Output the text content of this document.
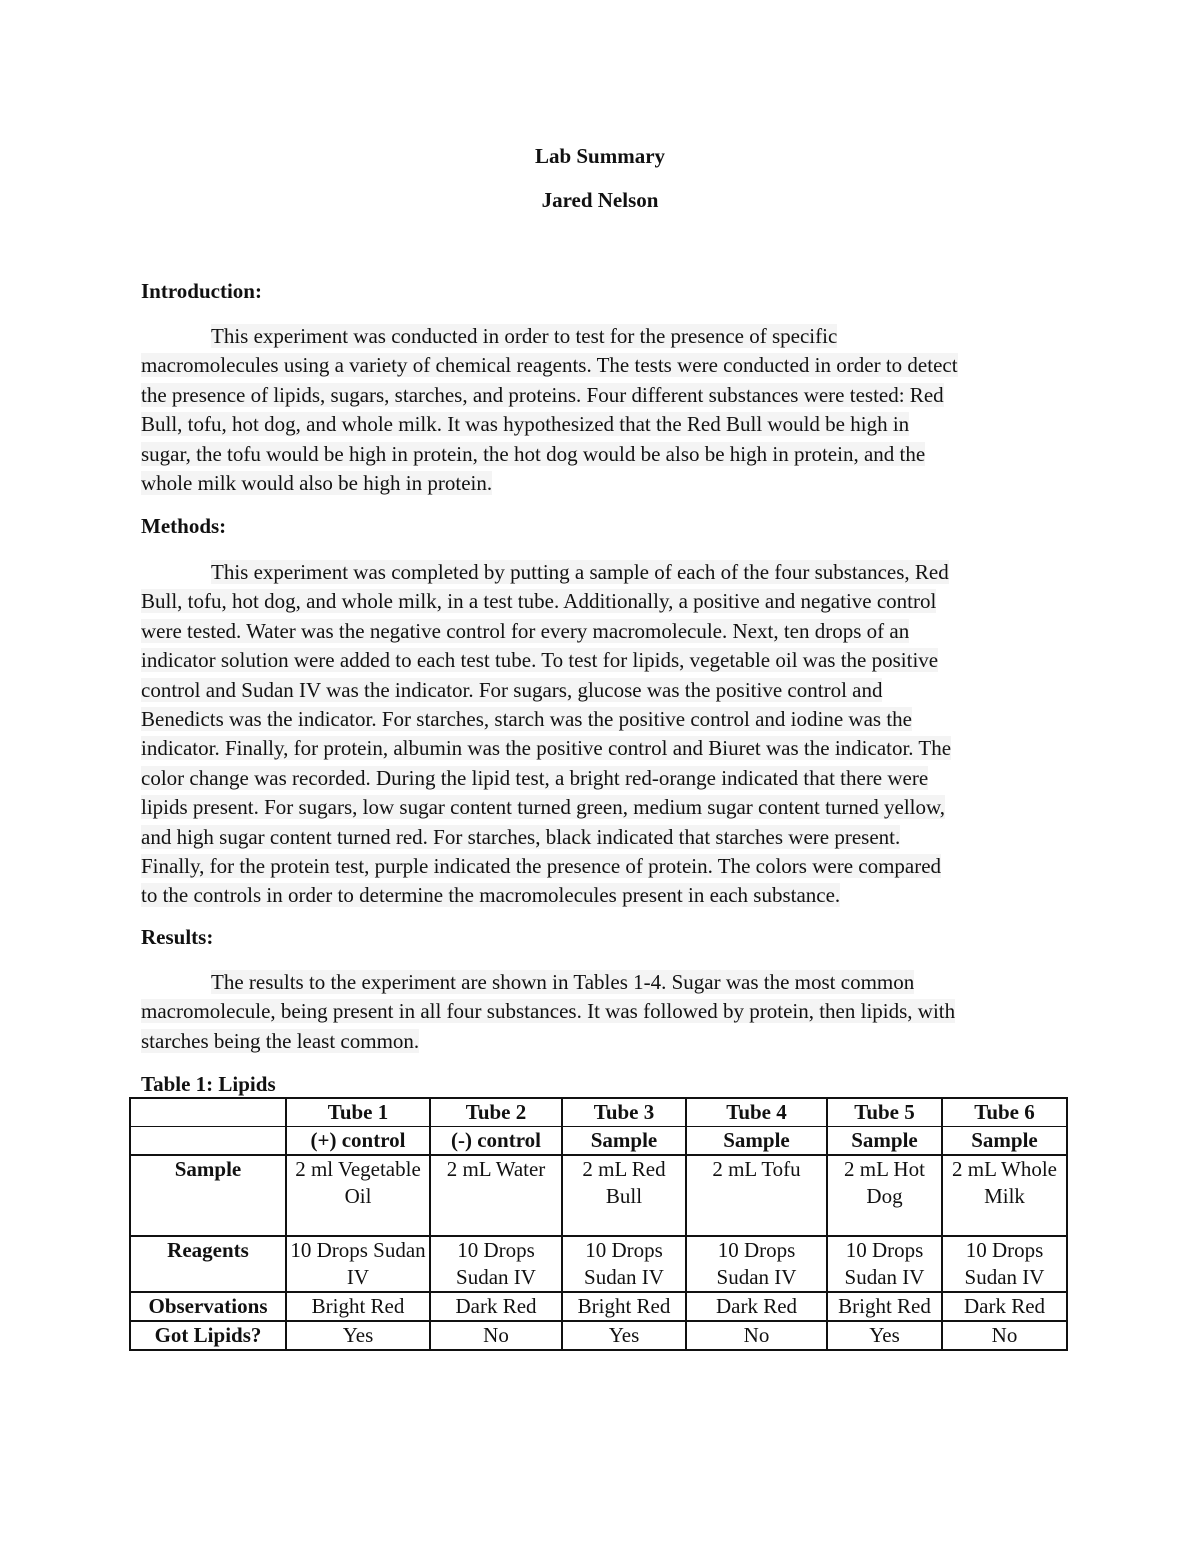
Lab Summary
Jared Nelson
Introduction:
This experiment was conducted in order to test for the presence of specific
macromolecules using a variety of chemical reagents. The tests were conducted in order to detect
the presence of lipids, sugars, starches, and proteins. Four different substances were tested: Red
Bull, tofu, hot dog, and whole milk. It was hypothesized that the Red Bull would be high in
sugar, the tofu would be high in protein, the hot dog would be also be high in protein, and the
whole milk would also be high in protein.
Methods:
This experiment was completed by putting a sample of each of the four substances, Red
Bull, tofu, hot dog, and whole milk, in a test tube. Additionally, a positive and negative control
were tested. Water was the negative control for every macromolecule. Next, ten drops of an
indicator solution were added to each test tube. To test for lipids, vegetable oil was the positive
control and Sudan IV was the indicator. For sugars, glucose was the positive control and
Benedicts was the indicator. For starches, starch was the positive control and iodine was the
indicator. Finally, for protein, albumin was the positive control and Biuret was the indicator. The
color change was recorded. During the lipid test, a bright red-orange indicated that there were
lipids present. For sugars, low sugar content turned green, medium sugar content turned yellow,
and high sugar content turned red. For starches, black indicated that starches were present.
Finally, for the protein test, purple indicated the presence of protein. The colors were compared
to the controls in order to determine the macromolecules present in each substance.
Results:
The results to the experiment are shown in Tables 1-4. Sugar was the most common
macromolecule, being present in all four substances. It was followed by protein, then lipids, with
starches being the least common.
Table 1: Lipids
	Tube 1	Tube 2	Tube 3	Tube 4	Tube 5	Tube 6
	(+) control	(-) control	Sample	Sample	Sample	Sample
Sample	2 ml Vegetable Oil	2 mL Water	2 mL Red Bull	2 mL Tofu	2 mL Hot Dog	2 mL Whole Milk
Reagents	10 Drops Sudan IV	10 Drops Sudan IV	10 Drops Sudan IV	10 Drops Sudan IV	10 Drops Sudan IV	10 Drops Sudan IV
Observations	Bright Red	Dark Red	Bright Red	Dark Red	Bright Red	Dark Red
Got Lipids?	Yes	No	Yes	No	Yes	No
